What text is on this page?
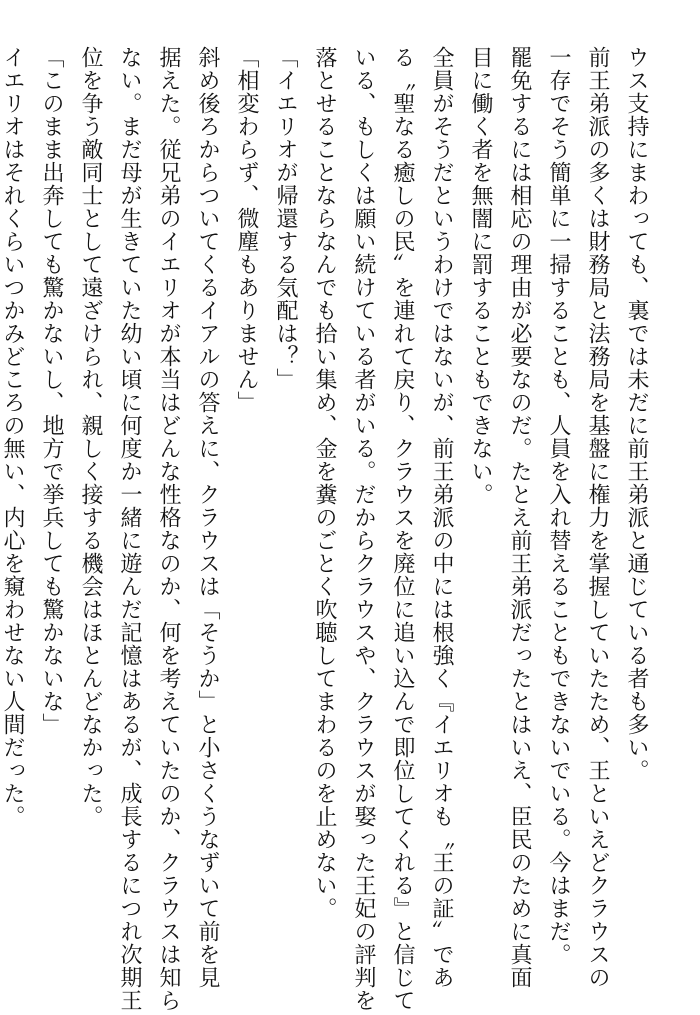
ウス支持にまわっても、裏では未だに前王弟派と通じている者も多い。

前王弟派の多くは財務局と法務局を基盤に権力を掌握していたため、王といえどクラウスの

一存でそう簡単に一掃することも、人員を入れ替えることもできないでいる。今はまだ。

罷免するには相応の理由が必要なのだ。たとえ前王弟派だったとはいえ、臣民のために真面

目に働く者を無闇に罰することもできない。

全員がそうだというわけではないが、前王弟派の中には根強く『イエリオも〝王の証〟であ

る〝聖なる癒しの民〟を連れて戻り、クラウスを廃位に追い込んで即位してくれる』と信じて

いる、もしくは願い続けている者がいる。だからクラウスや、クラウスが娶った王妃の評判を

落とせることならなんでも拾い集め、金を糞のごとく吹聴してまわるのを止めない。

「イエリオが帰還する気配は？」

「相変わらず、微塵もありません」

斜め後ろからついてくるイアルの答えに、クラウスは「そうか」と小さくうなずいて前を見

据えた。従兄弟のイエリオが本当はどんな性格なのか、何を考えていたのか、クラウスは知ら

ない。まだ母が生きていた幼い頃に何度か一緒に遊んだ記憶はあるが、成長するにつれ次期王

位を争う敵同士として遠ざけられ、親しく接する機会はほとんどなかった。

「このまま出奔しても驚かないし、地方で挙兵しても驚かないな」

イエリオはそれくらいつかみどころの無い、内心を窺わせない人間だった。
